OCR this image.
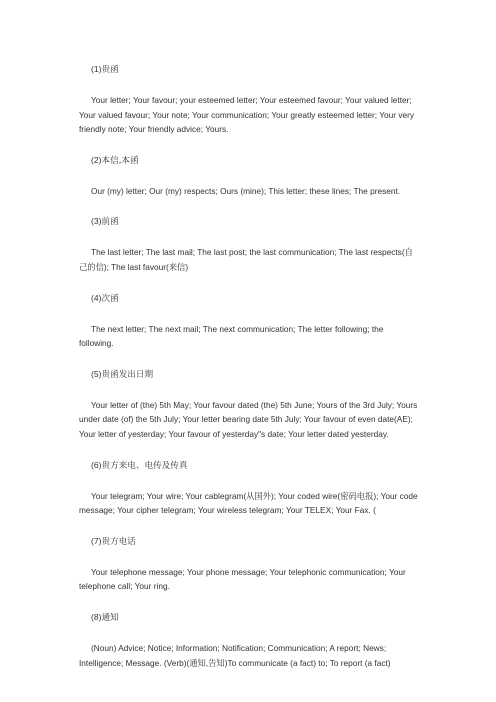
(1)贵函

Your letter; Your favour; your esteemed letter; Your esteemed favour; Your valued letter; Your valued favour; Your note; Your communication; Your greatly esteemed letter; Your very friendly note; Your friendly advice; Yours.

(2)本信,本函

Our (my) letter; Our (my) respects; Ours (mine); This letter; these lines; The present.

(3)前函

The last letter; The last mail; The last post; the last communication; The last respects(自己的信); The last favour(来信)

(4)次函

The next letter; The next mail; The next communication; The letter following; the following.

(5)贵函发出日期

Your letter of (the) 5th May; Your favour dated (the) 5th June; Yours of the 3rd July; Yours under date (of) the 5th July; Your letter bearing date 5th July; Your favour of even date(AE); Your letter of yesterday; Your favour of yesterday"s date; Your letter dated yesterday.

(6)贵方来电、电传及传真

Your telegram; Your wire; Your cablegram(从国外); Your coded wire(密码电报); Your code message; Your cipher telegram; Your wireless telegram; Your TELEX; Your Fax. (

(7)贵方电话

Your telephone message; Your phone message; Your telephonic communication; Your telephone call; Your ring.

(8)通知

(Noun) Advice; Notice; Information; Notification; Communication; A report; News; Intelligence; Message. (Verb)(通知,告知)To communicate (a fact) to; To report (a fact)
